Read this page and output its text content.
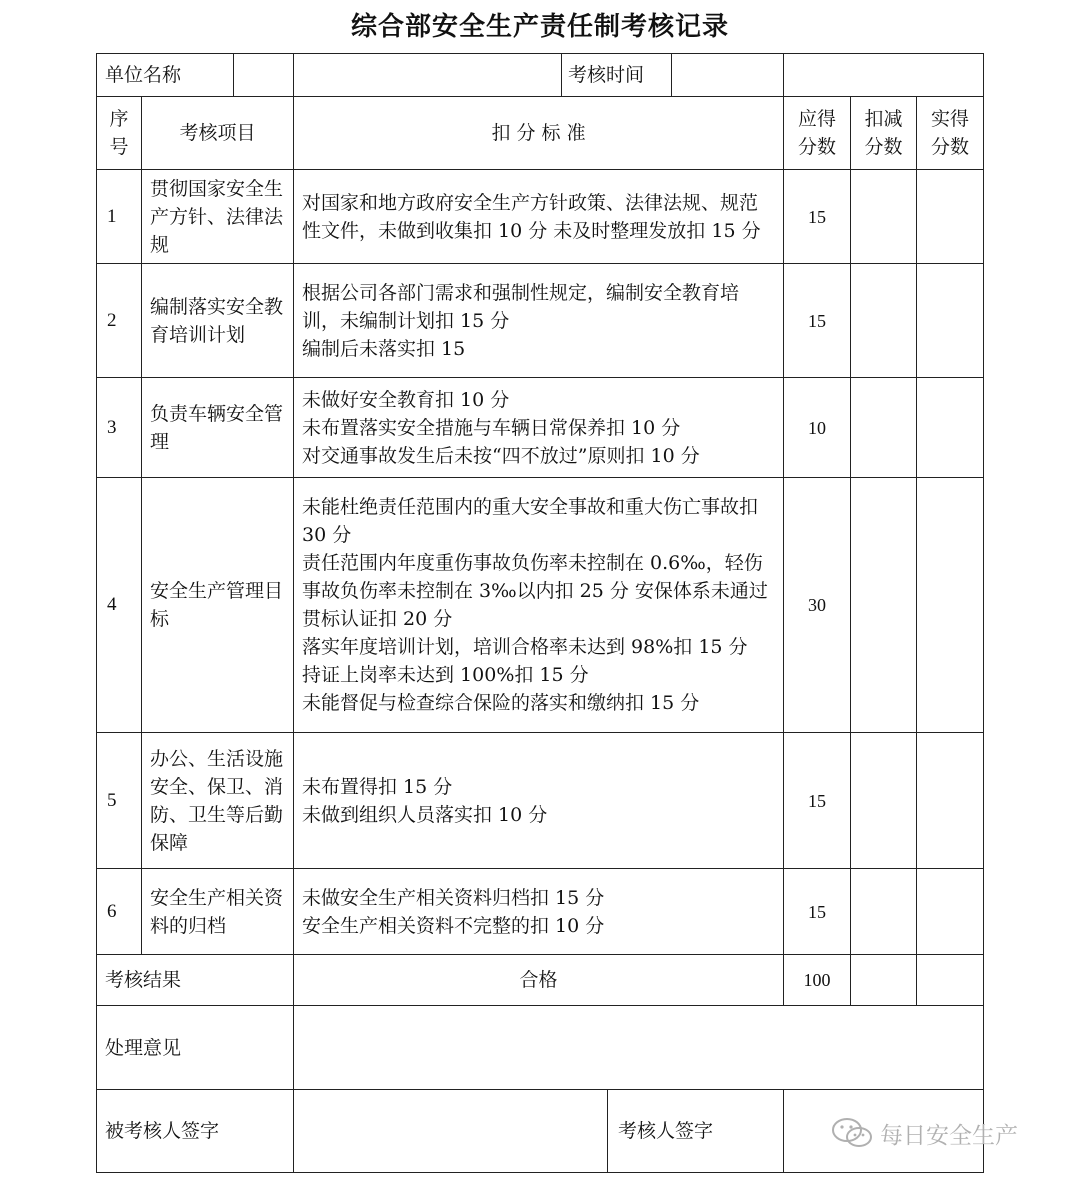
综合部安全生产责任制考核记录
单位名称		考核时间			

序号	考核项目	扣 分 标 准	应得分数	扣减分数	实得分数
1	贯彻国家安全生产方针、法律法规	对国家和地方政府安全生产方针政策、法律法规、规范性文件，未做到收集扣 10 分 未及时整理发放扣 15 分	15		
2	编制落实安全教育培训计划	根据公司各部门需求和强制性规定，编制安全教育培训，未编制计划扣 15 分
编制后未落实扣 15	15		
3	负责车辆安全管理	未做好安全教育扣 10 分
未布置落实安全措施与车辆日常保养扣 10 分
对交通事故发生后未按“四不放过”原则扣 10 分	10		
4	安全生产管理目标	未能杜绝责任范围内的重大安全事故和重大伤亡事故扣 30 分
责任范围内年度重伤事故负伤率未控制在 0.6‰，轻伤事故负伤率未控制在 3‰以内扣 25 分 安保体系未通过贯标认证扣 20 分
落实年度培训计划，培训合格率未达到 98%扣 15 分
持证上岗率未达到 100%扣 15 分
未能督促与检查综合保险的落实和缴纳扣 15 分	30		
5	办公、生活设施安全、保卫、消防、卫生等后勤保障	未布置得扣 15 分
未做到组织人员落实扣 10 分	15		
6	安全生产相关资料的归档	未做安全生产相关资料归档扣 15 分
安全生产相关资料不完整的扣 10 分	15		
考核结果		合格	100		
处理意见					
被考核人签字		考核人签字			
		每日安全生产
